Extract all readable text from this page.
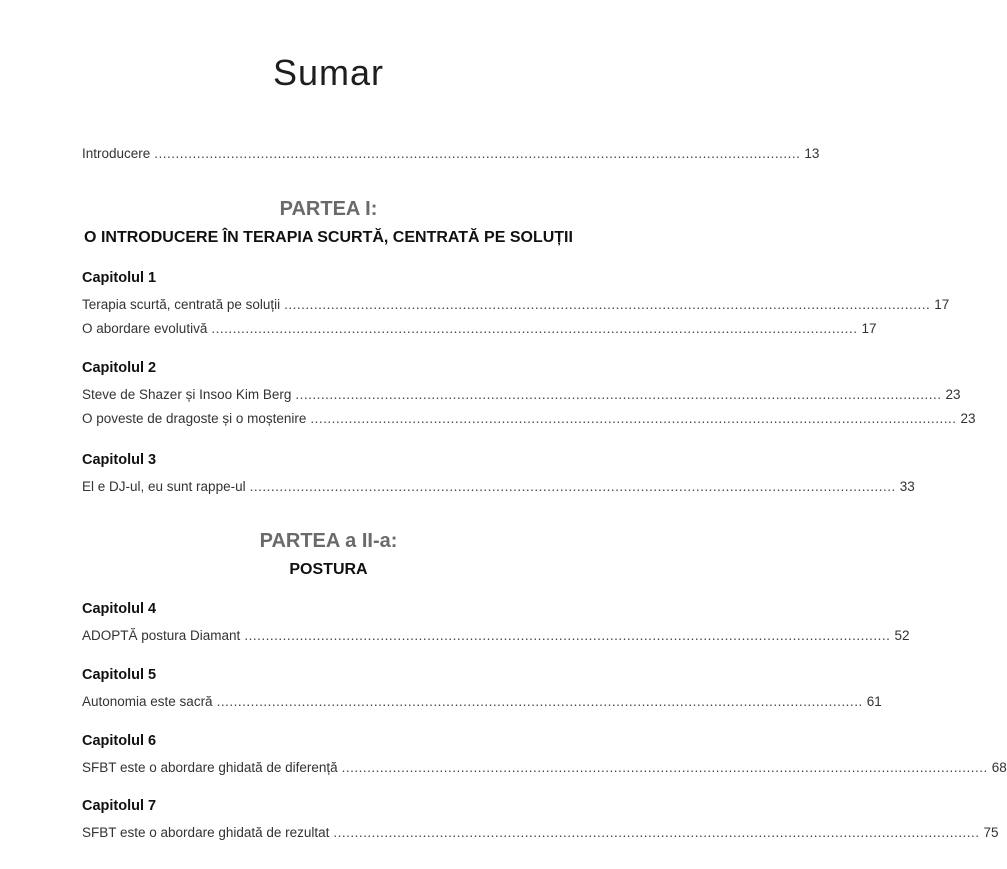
Sumar
Introducere ........................................................................................................................................................ 13
PARTEA I:
O INTRODUCERE ÎN TERAPIA SCURTĂ, CENTRATĂ PE SOLUȚII
Capitolul 1
Terapia scurtă, centrată pe soluții ........................................................................................................................................................ 17
O abordare evolutivă ........................................................................................................................................................ 17
Capitolul 2
Steve de Shazer și Insoo Kim Berg ........................................................................................................................................................ 23
O poveste de dragoste și o moștenire ........................................................................................................................................................ 23
Capitolul 3
El e DJ-ul, eu sunt rappe-ul ........................................................................................................................................................ 33
PARTEA a II-a:
POSTURA
Capitolul 4
ADOPTĂ postura Diamant ........................................................................................................................................................ 52
Capitolul 5
Autonomia este sacră ........................................................................................................................................................ 61
Capitolul 6
SFBT este o abordare ghidată de diferență ........................................................................................................................................................ 68
Capitolul 7
SFBT este o abordare ghidată de rezultat ........................................................................................................................................................ 75
